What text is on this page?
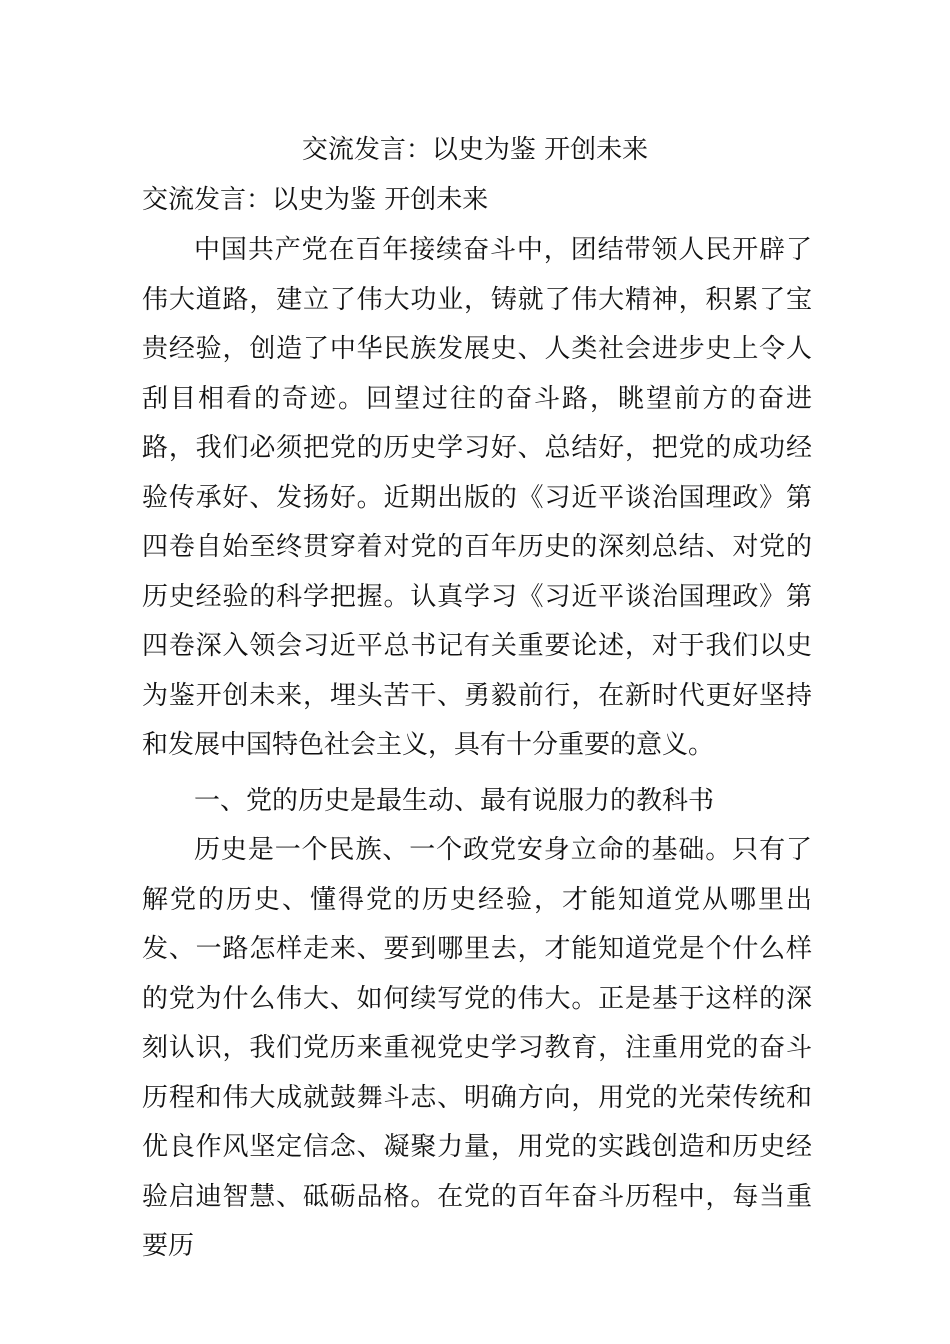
交流发言：以史为鉴 开创未来

交流发言：以史为鉴 开创未来

中国共产党在百年接续奋斗中，团结带领人民开辟了伟大道路，建立了伟大功业，铸就了伟大精神，积累了宝贵经验，创造了中华民族发展史、人类社会进步史上令人刮目相看的奇迹。回望过往的奋斗路，眺望前方的奋进路，我们必须把党的历史学习好、总结好，把党的成功经验传承好、发扬好。近期出版的《习近平谈治国理政》第四卷自始至终贯穿着对党的百年历史的深刻总结、对党的历史经验的科学把握。认真学习《习近平谈治国理政》第四卷深入领会习近平总书记有关重要论述，对于我们以史为鉴开创未来，埋头苦干、勇毅前行，在新时代更好坚持和发展中国特色社会主义，具有十分重要的意义。

一、党的历史是最生动、最有说服力的教科书

历史是一个民族、一个政党安身立命的基础。只有了解党的历史、懂得党的历史经验，才能知道党从哪里出发、一路怎样走来、要到哪里去，才能知道党是个什么样的党为什么伟大、如何续写党的伟大。正是基于这样的深刻认识，我们党历来重视党史学习教育，注重用党的奋斗历程和伟大成就鼓舞斗志、明确方向，用党的光荣传统和优良作风坚定信念、凝聚力量，用党的实践创造和历史经验启迪智慧、砥砺品格。在党的百年奋斗历程中，每当重要历
